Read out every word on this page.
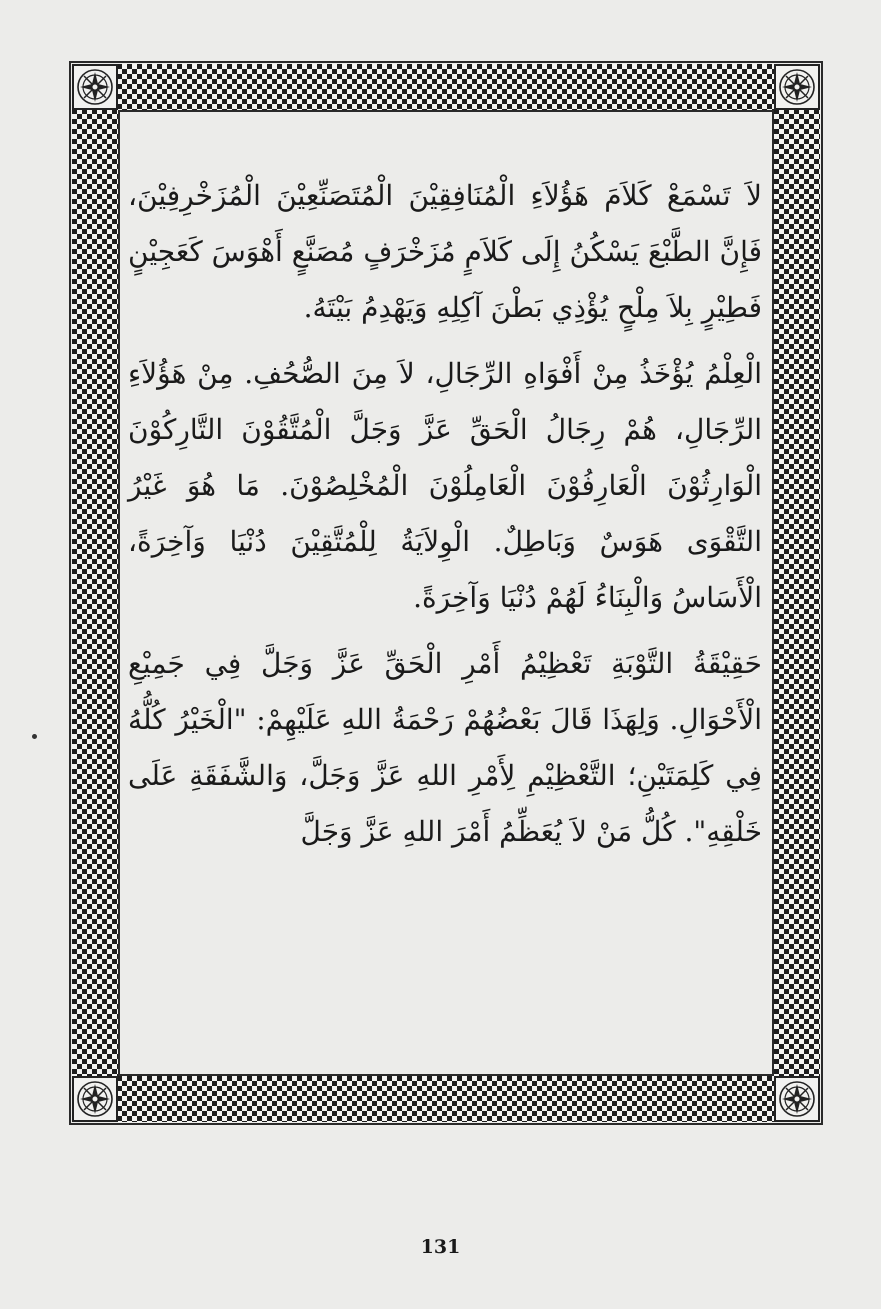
لاَ تَسْمَعْ كَلاَمَ هَؤُلاَءِ الْمُنَافِقِيْنَ الْمُتَصَنِّعِيْنَ الْمُزَخْرِفِيْنَ، فَإِنَّ الطَّبْعَ يَسْكُنُ إِلَى كَلاَمٍ مُزَخْرَفٍ مُصَنَّعٍ أَهْوَسَ كَعَجِيْنٍ فَطِيْرٍ بِلاَ مِلْحٍ يُؤْذِي بَطْنَ آكِلِهِ وَيَهْدِمُ بَيْتَهُ.

الْعِلْمُ يُؤْخَذُ مِنْ أَفْوَاهِ الرِّجَالِ، لاَ مِنَ الصُّحُفِ. مِنْ هَؤُلاَءِ الرِّجَالِ، هُمْ رِجَالُ الْحَقِّ عَزَّ وَجَلَّ الْمُتَّقُوْنَ التَّارِكُوْنَ الْوَارِثُوْنَ الْعَارِفُوْنَ الْعَامِلُوْنَ الْمُخْلِصُوْنَ. مَا هُوَ غَيْرُ التَّقْوَى هَوَسٌ وَبَاطِلٌ. الْوِلاَيَةُ لِلْمُتَّقِيْنَ دُنْيَا وَآخِرَةً، الْأَسَاسُ وَالْبِنَاءُ لَهُمْ دُنْيَا وَآخِرَةً.

حَقِيْقَةُ التَّوْبَةِ تَعْظِيْمُ أَمْرِ الْحَقِّ عَزَّ وَجَلَّ فِي جَمِيْعِ الْأَحْوَالِ. وَلِهَذَا قَالَ بَعْضُهُمْ رَحْمَةُ اللهِ عَلَيْهِمْ: "الْخَيْرُ كُلُّهُ فِي كَلِمَتَيْنِ؛ التَّعْظِيْمِ لِأَمْرِ اللهِ عَزَّ وَجَلَّ، وَالشَّفَقَةِ عَلَى خَلْقِهِ". كُلُّ مَنْ لاَ يُعَظِّمُ أَمْرَ اللهِ عَزَّ وَجَلَّ

131
